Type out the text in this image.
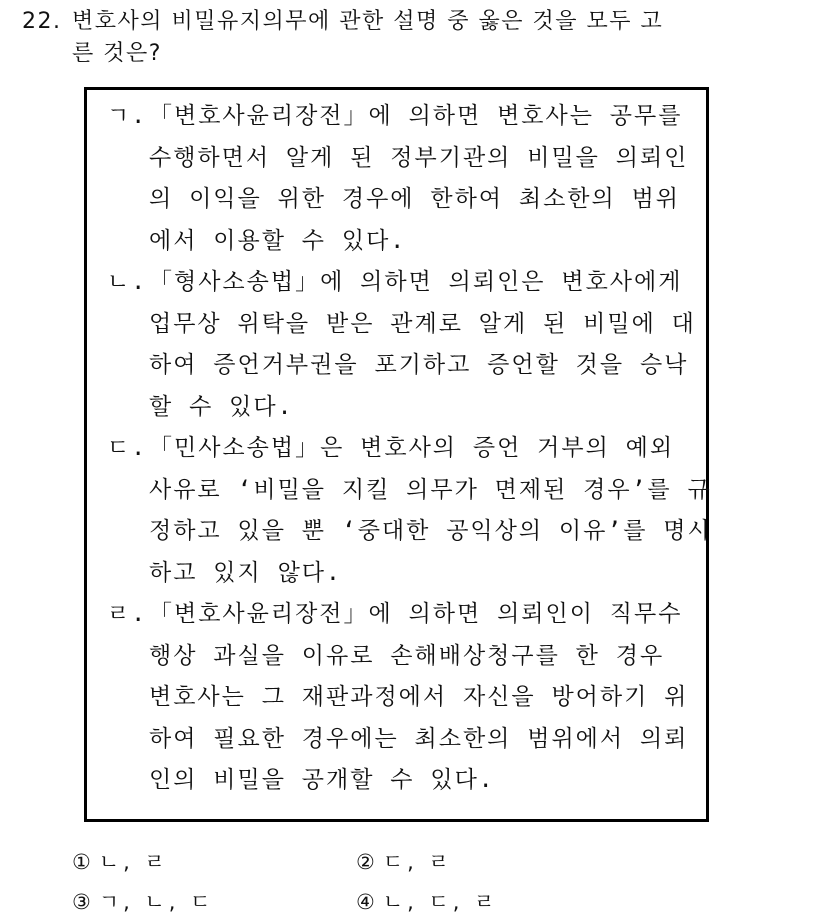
22. 변호사의 비밀유지의무에 관한 설명 중 옳은 것을 모두 고
른 것은?
ㄱ.「변호사윤리장전」에 의하면 변호사는 공무를
수행하면서 알게 된 정부기관의 비밀을 의뢰인
의 이익을 위한 경우에 한하여 최소한의 범위
에서 이용할 수 있다.
ㄴ.「형사소송법」에 의하면 의뢰인은 변호사에게
업무상 위탁을 받은 관계로 알게 된 비밀에 대
하여 증언거부권을 포기하고 증언할 것을 승낙
할 수 있다.
ㄷ.「민사소송법」은 변호사의 증언 거부의 예외
사유로 ‘비밀을 지킬 의무가 면제된 경우’를 규
정하고 있을 뿐 ‘중대한 공익상의 이유’를 명시
하고 있지 않다.
ㄹ.「변호사윤리장전」에 의하면 의뢰인이 직무수
행상 과실을 이유로 손해배상청구를 한 경우
변호사는 그 재판과정에서 자신을 방어하기 위
하여 필요한 경우에는 최소한의 범위에서 의뢰
인의 비밀을 공개할 수 있다.
① ㄴ, ㄹ	② ㄷ, ㄹ
③ ㄱ, ㄴ, ㄷ	④ ㄴ, ㄷ, ㄹ
